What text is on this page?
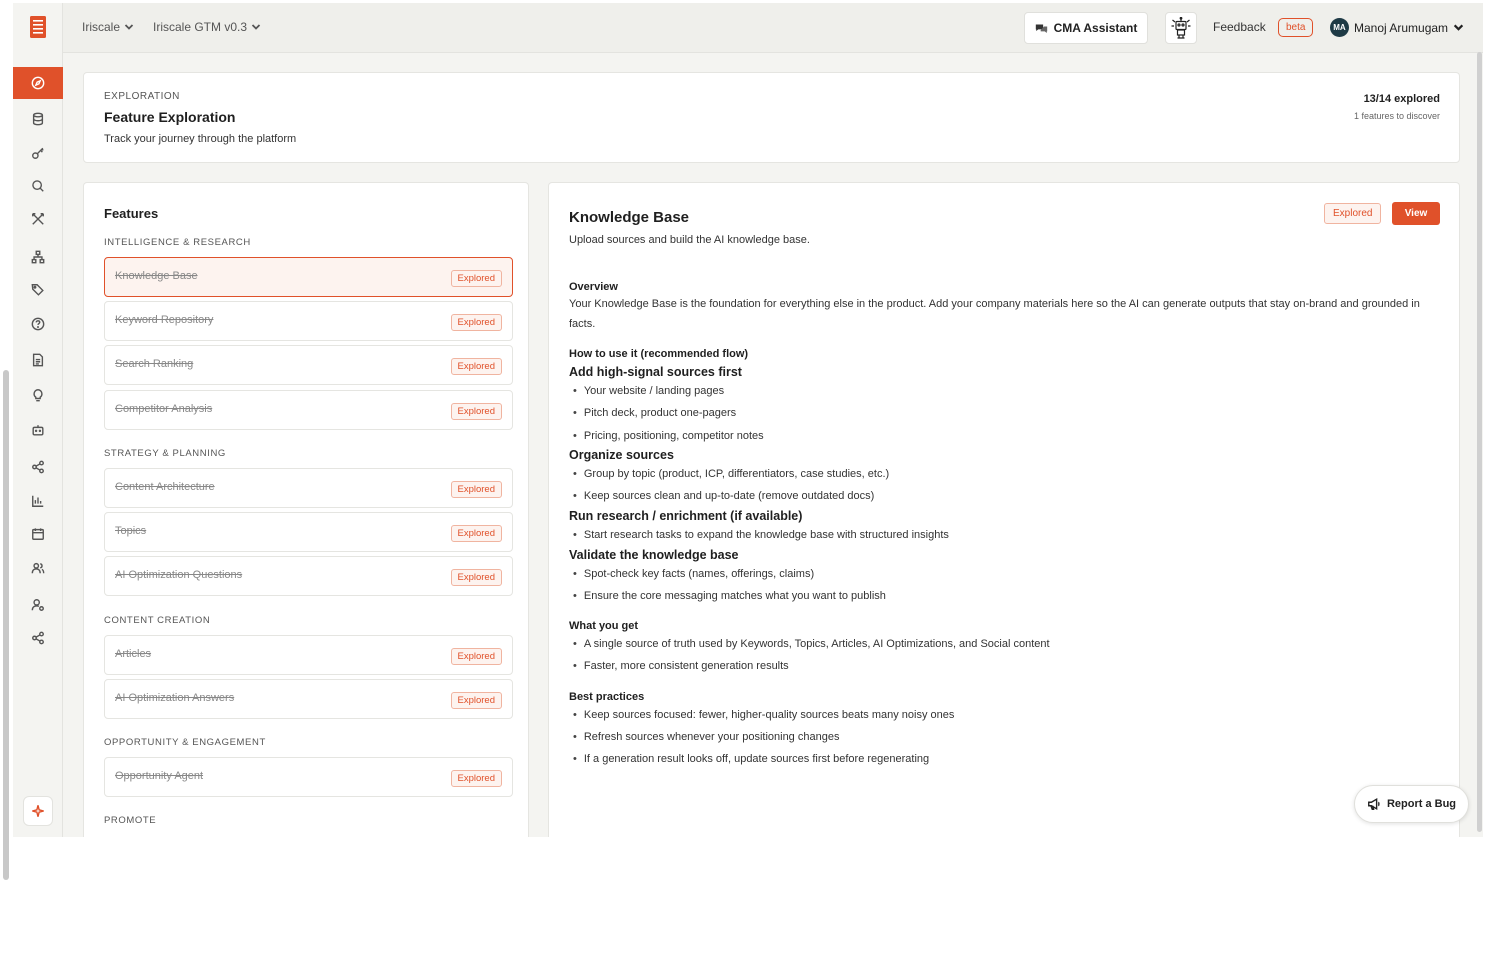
Iriscale	Iriscale GTM v0.3	CMA Assistant	Feedback	beta	MA Manoj Arumugam
EXPLORATION
Feature Exploration
Track your journey through the platform
13/14 explored
1 features to discover
Features
INTELLIGENCE & RESEARCH
Knowledge Base	Explored
Keyword Repository	Explored
Search Ranking	Explored
Competitor Analysis	Explored
STRATEGY & PLANNING
Content Architecture	Explored
Topics	Explored
AI Optimization Questions	Explored
CONTENT CREATION
Articles	Explored
AI Optimization Answers	Explored
OPPORTUNITY & ENGAGEMENT
Opportunity Agent	Explored
PROMOTE
Knowledge Base
Upload sources and build the AI knowledge base.
Explored	View
Overview
Your Knowledge Base is the foundation for everything else in the product. Add your company materials here so the AI can generate outputs that stay on-brand and grounded in facts.
How to use it (recommended flow)
Add high-signal sources first
• Your website / landing pages
• Pitch deck, product one-pagers
• Pricing, positioning, competitor notes
Organize sources
• Group by topic (product, ICP, differentiators, case studies, etc.)
• Keep sources clean and up-to-date (remove outdated docs)
Run research / enrichment (if available)
• Start research tasks to expand the knowledge base with structured insights
Validate the knowledge base
• Spot-check key facts (names, offerings, claims)
• Ensure the core messaging matches what you want to publish
What you get
• A single source of truth used by Keywords, Topics, Articles, AI Optimizations, and Social content
• Faster, more consistent generation results
Best practices
• Keep sources focused: fewer, higher-quality sources beats many noisy ones
• Refresh sources whenever your positioning changes
• If a generation result looks off, update sources first before regenerating
Report a Bug
